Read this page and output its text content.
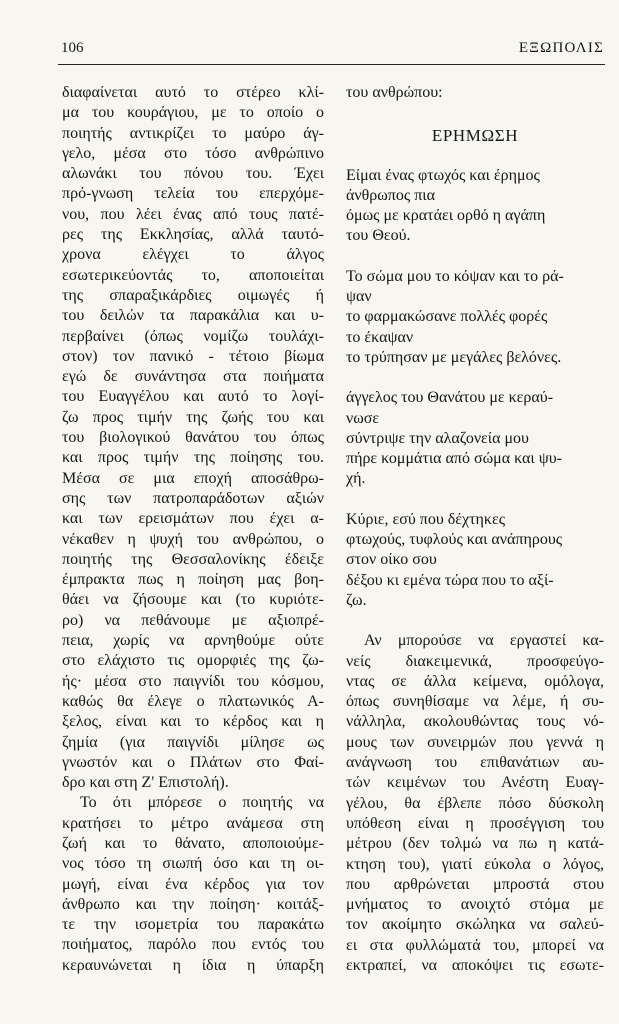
106	ΕΞΩΠΟΛΙΣ
διαφαίνεται αυτό το στέρεο κλί-
μα του κουράγιου, με το οποίο ο
ποιητής αντικρίζει το μαύρο άγ-
γελο, μέσα στο τόσο ανθρώπινο
αλωνάκι του πόνου του. Έχει
πρό-γνωση τελεία του επερχόμε-
νου, που λέει ένας από τους πατέ-
ρες της Εκκλησίας, αλλά ταυτό-
χρονα ελέγχει το άλγος
εσωτερικεύοντάς το, αποποιείται
της σπαραξικάρδιες οιμωγές ή
του δειλών τα παρακάλια και υ-
περβαίνει (όπως νομίζω τουλάχι-
στον) τον πανικό - τέτοιο βίωμα
εγώ δε συνάντησα στα ποιήματα
του Ευαγγέλου και αυτό το λογί-
ζω προς τιμήν της ζωής του και
του βιολογικού θανάτου του όπως
και προς τιμήν της ποίησης του.
Μέσα σε μια εποχή αποσάθρω-
σης των πατροπαράδοτων αξιών
και των ερεισμάτων που έχει α-
νέκαθεν η ψυχή του ανθρώπου, ο
ποιητής της Θεσσαλονίκης έδειξε
έμπρακτα πως η ποίηση μας βοη-
θάει να ζήσουμε και (το κυριότε-
ρο) να πεθάνουμε με αξιοπρέ-
πεια, χωρίς να αρνηθούμε ούτε
στο ελάχιστο τις ομορφιές της ζω-
ής· μέσα στο παιγνίδι του κόσμου,
καθώς θα έλεγε ο πλατωνικός Α-
ξελος, είναι και το κέρδος και η
ζημία (για παιγνίδι μίλησε ως
γνωστόν και ο Πλάτων στο Φαί-
δρο και στη Ζ' Επιστολή).
Το ότι μπόρεσε ο ποιητής να
κρατήσει το μέτρο ανάμεσα στη
ζωή και το θάνατο, αποποιούμε-
νος τόσο τη σιωπή όσο και τη οι-
μωγή, είναι ένα κέρδος για τον
άνθρωπο και την ποίηση· κοιτάξ-
τε την ισομετρία του παρακάτω
ποιήματος, παρόλο που εντός του
κεραυνώνεται η ίδια η ύπαρξη
του ανθρώπου:
ΕΡΗΜΩΣΗ
Είμαι ένας φτωχός και έρημος
άνθρωπος πια
όμως με κρατάει ορθό η αγάπη
του Θεού.
Το σώμα μου το κόψαν και το ρά-
ψαν
το φαρμακώσανε πολλές φορές
το έκαψαν
το τρύπησαν με μεγάλες βελόνες.
άγγελος του Θανάτου με κεραύ-
νωσε
σύντριψε την αλαζονεία μου
πήρε κομμάτια από σώμα και ψυ-
χή.
Κύριε, εσύ που δέχτηκες
φτωχούς, τυφλούς και ανάπηρους
στον οίκο σου
δέξου κι εμένα τώρα που το αξί-
ζω.
Αν μπορούσε να εργαστεί κα-
νείς διακειμενικά, προσφεύγο-
ντας σε άλλα κείμενα, ομόλογα,
όπως συνηθίσαμε να λέμε, ή συ-
νάλληλα, ακολουθώντας τους νό-
μους των συνειρμών που γεννά η
ανάγνωση του επιθανάτιων αυ-
τών κειμένων του Ανέστη Ευαγ-
γέλου, θα έβλεπε πόσο δύσκολη
υπόθεση είναι η προσέγγιση του
μέτρου (δεν τολμώ να πω η κατά-
κτηση του), γιατί εύκολα ο λόγος,
που αρθρώνεται μπροστά στου
μνήματος το ανοιχτό στόμα με
τον ακοίμητο σκώληκα να σαλεύ-
ει στα φυλλώματά του, μπορεί να
εκτραπεί, να αποκόψει τις εσωτε-
